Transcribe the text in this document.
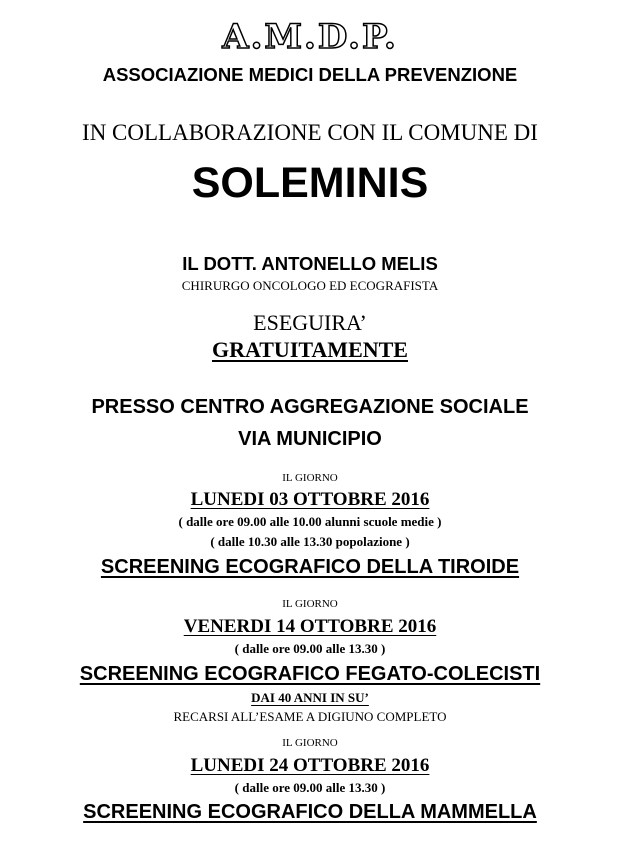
A.M.D.P.
ASSOCIAZIONE MEDICI DELLA PREVENZIONE
IN COLLABORAZIONE CON IL COMUNE DI
SOLEMINIS
IL DOTT. ANTONELLO MELIS
CHIRURGO ONCOLOGO ED ECOGRAFISTA
ESEGUIRA’
GRATUITAMENTE
PRESSO CENTRO AGGREGAZIONE SOCIALE
VIA MUNICIPIO
IL GIORNO
LUNEDI 03 OTTOBRE 2016
( dalle ore 09.00 alle 10.00 alunni scuole medie )
( dalle 10.30 alle 13.30 popolazione )
SCREENING ECOGRAFICO DELLA TIROIDE
IL GIORNO
VENERDI 14 OTTOBRE 2016
( dalle ore 09.00 alle 13.30 )
SCREENING ECOGRAFICO FEGATO-COLECISTI
DAI 40 ANNI IN SU’
RECARSI ALL’ESAME A DIGIUNO COMPLETO
IL GIORNO
LUNEDI 24 OTTOBRE 2016
( dalle ore 09.00 alle 13.30 )
SCREENING ECOGRAFICO DELLA MAMMELLA
